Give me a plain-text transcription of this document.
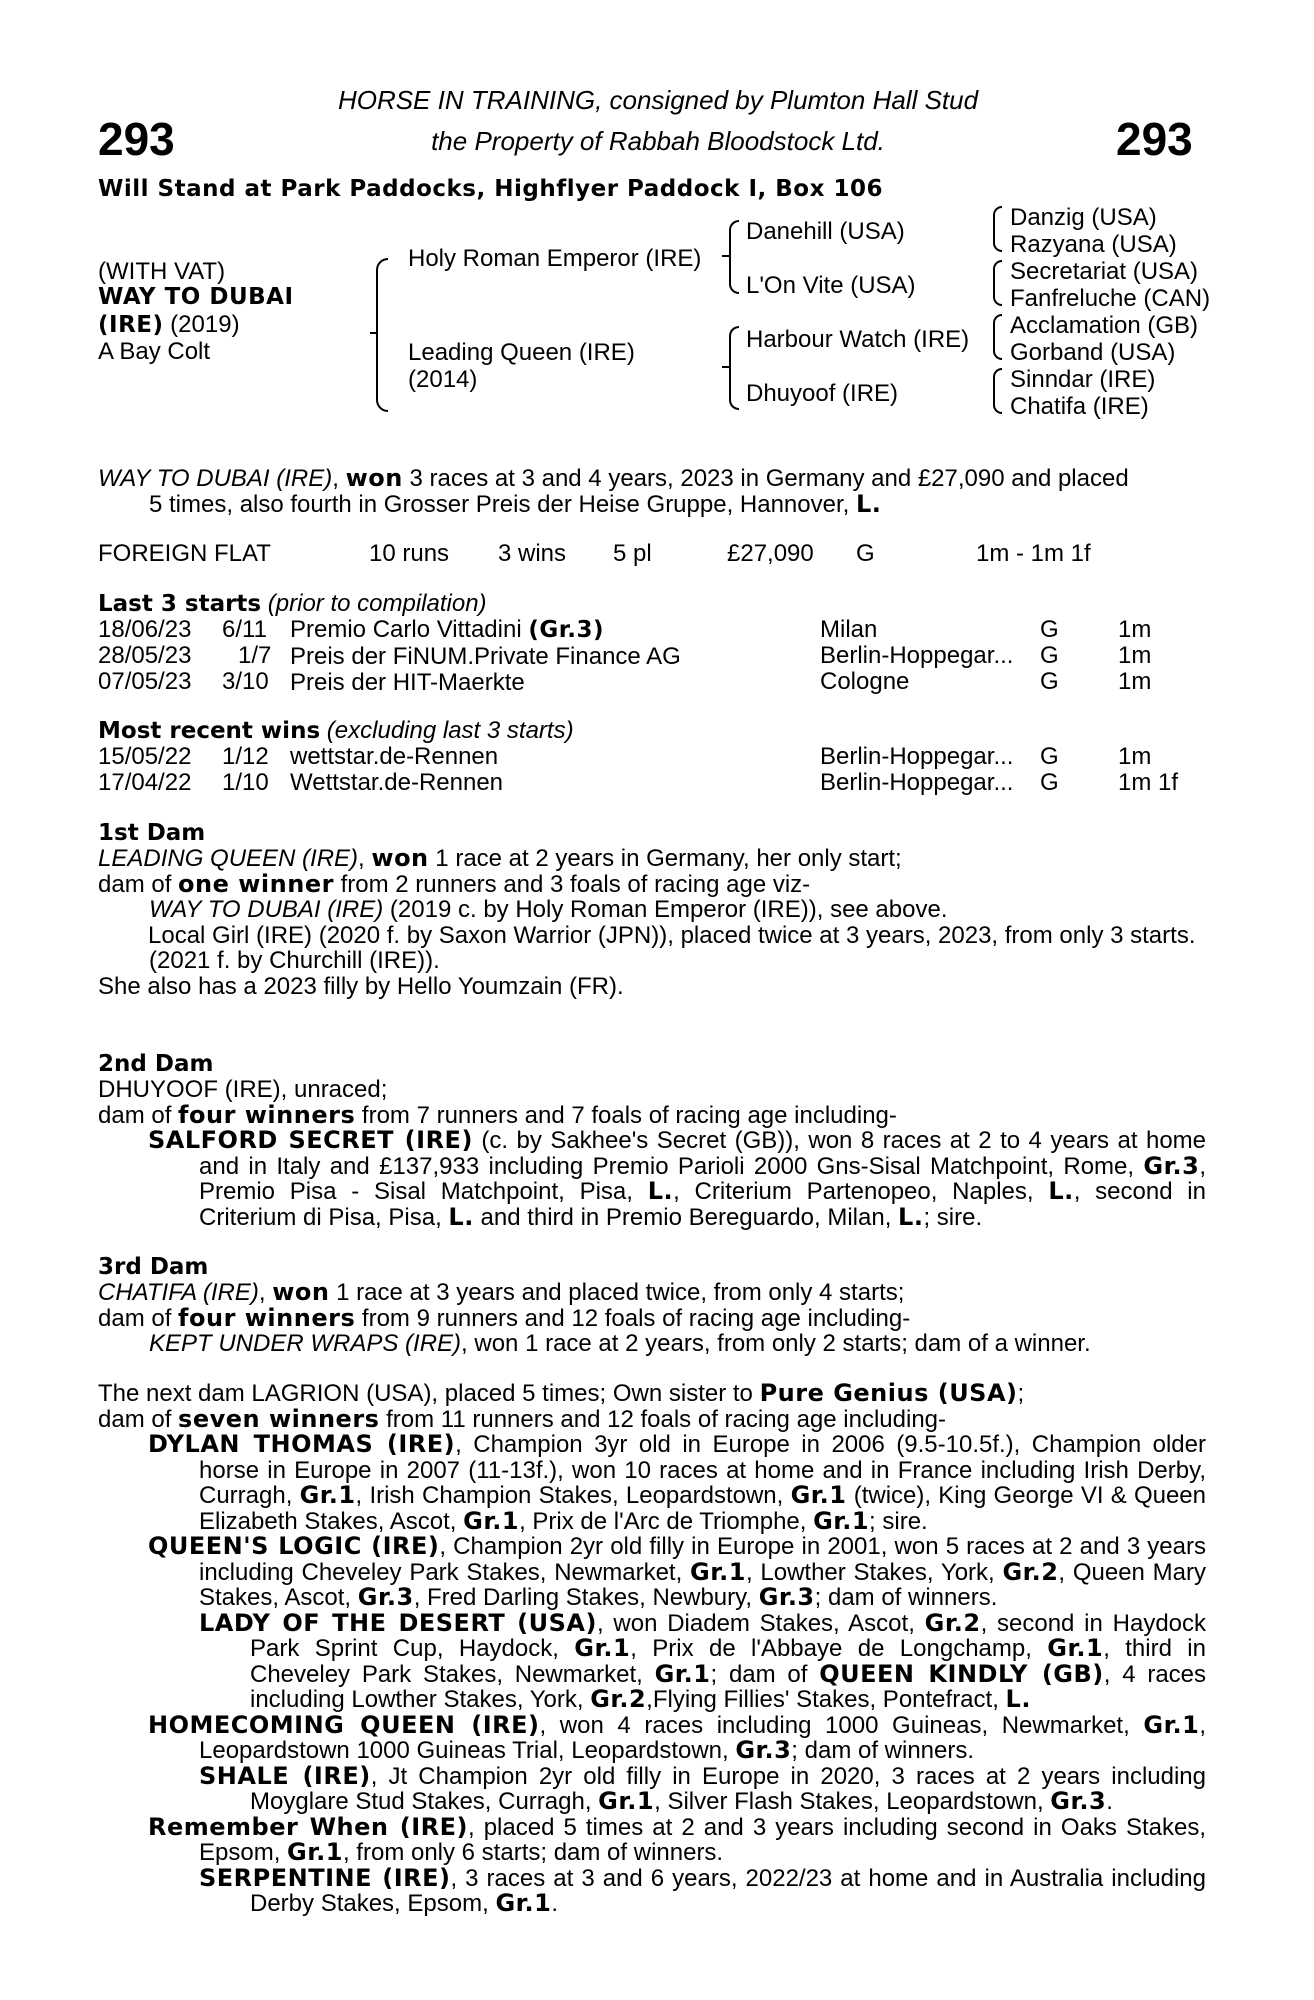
293	293
HORSE IN TRAINING, consigned by Plumton Hall Stud
the Property of Rabbah Bloodstock Ltd.
Will Stand at Park Paddocks, Highflyer Paddock I, Box 106
(WITH VAT)
WAY TO DUBAI
(IRE) (2019)
A Bay Colt
Holy Roman Emperor (IRE)
Leading Queen (IRE)
(2014)
Danehill (USA)
L'On Vite (USA)
Harbour Watch (IRE)
Dhuyoof (IRE)
Danzig (USA)
Razyana (USA)
Secretariat (USA)
Fanfreluche (CAN)
Acclamation (GB)
Gorband (USA)
Sinndar (IRE)
Chatifa (IRE)
WAY TO DUBAI (IRE), won 3 races at 3 and 4 years, 2023 in Germany and £27,090 and placed
5 times, also fourth in Grosser Preis der Heise Gruppe, Hannover, L.
FOREIGN FLAT	10 runs 3 wins 5 pl	£27,090 G	1m - 1m 1f
Last 3 starts (prior to compilation)
18/06/23 6/11 Premio Carlo Vittadini (Gr.3)	Milan	G 1m
28/05/23 1/7 Preis der FiNUM.Private Finance AG	Berlin-Hoppegar... G 1m
07/05/23 3/10 Preis der HIT-Maerkte	Cologne	G 1m
Most recent wins (excluding last 3 starts)
15/05/22 1/12 wettstar.de-Rennen	Berlin-Hoppegar... G 1m
17/04/22 1/10 Wettstar.de-Rennen	Berlin-Hoppegar... G 1m 1f
1st Dam
LEADING QUEEN (IRE), won 1 race at 2 years in Germany, her only start;
dam of one winner from 2 runners and 3 foals of racing age viz-
WAY TO DUBAI (IRE) (2019 c. by Holy Roman Emperor (IRE)), see above.
Local Girl (IRE) (2020 f. by Saxon Warrior (JPN)), placed twice at 3 years, 2023, from only 3 starts.
(2021 f. by Churchill (IRE)).
She also has a 2023 filly by Hello Youmzain (FR).
2nd Dam
DHUYOOF (IRE), unraced;
dam of four winners from 7 runners and 7 foals of racing age including-
SALFORD SECRET (IRE) (c. by Sakhee's Secret (GB)), won 8 races at 2 to 4 years at home and in Italy and £137,933 including Premio Parioli 2000 Gns-Sisal Matchpoint, Rome, Gr.3, Premio Pisa - Sisal Matchpoint, Pisa, L., Criterium Partenopeo, Naples, L., second in Criterium di Pisa, Pisa, L. and third in Premio Bereguardo, Milan, L.; sire.
3rd Dam
CHATIFA (IRE), won 1 race at 3 years and placed twice, from only 4 starts;
dam of four winners from 9 runners and 12 foals of racing age including-
KEPT UNDER WRAPS (IRE), won 1 race at 2 years, from only 2 starts; dam of a winner.
The next dam LAGRION (USA), placed 5 times; Own sister to Pure Genius (USA);
dam of seven winners from 11 runners and 12 foals of racing age including-
DYLAN THOMAS (IRE), Champion 3yr old in Europe in 2006 (9.5-10.5f.), Champion older horse in Europe in 2007 (11-13f.), won 10 races at home and in France including Irish Derby, Curragh, Gr.1, Irish Champion Stakes, Leopardstown, Gr.1 (twice), King George VI & Queen Elizabeth Stakes, Ascot, Gr.1, Prix de l'Arc de Triomphe, Gr.1; sire.
QUEEN'S LOGIC (IRE), Champion 2yr old filly in Europe in 2001, won 5 races at 2 and 3 years including Cheveley Park Stakes, Newmarket, Gr.1, Lowther Stakes, York, Gr.2, Queen Mary Stakes, Ascot, Gr.3, Fred Darling Stakes, Newbury, Gr.3; dam of winners.
LADY OF THE DESERT (USA), won Diadem Stakes, Ascot, Gr.2, second in Haydock Park Sprint Cup, Haydock, Gr.1, Prix de l'Abbaye de Longchamp, Gr.1, third in Cheveley Park Stakes, Newmarket, Gr.1; dam of QUEEN KINDLY (GB), 4 races including Lowther Stakes, York, Gr.2,Flying Fillies' Stakes, Pontefract, L.
HOMECOMING QUEEN (IRE), won 4 races including 1000 Guineas, Newmarket, Gr.1, Leopardstown 1000 Guineas Trial, Leopardstown, Gr.3; dam of winners.
SHALE (IRE), Jt Champion 2yr old filly in Europe in 2020, 3 races at 2 years including Moyglare Stud Stakes, Curragh, Gr.1, Silver Flash Stakes, Leopardstown, Gr.3.
Remember When (IRE), placed 5 times at 2 and 3 years including second in Oaks Stakes, Epsom, Gr.1, from only 6 starts; dam of winners.
SERPENTINE (IRE), 3 races at 3 and 6 years, 2022/23 at home and in Australia including Derby Stakes, Epsom, Gr.1.
